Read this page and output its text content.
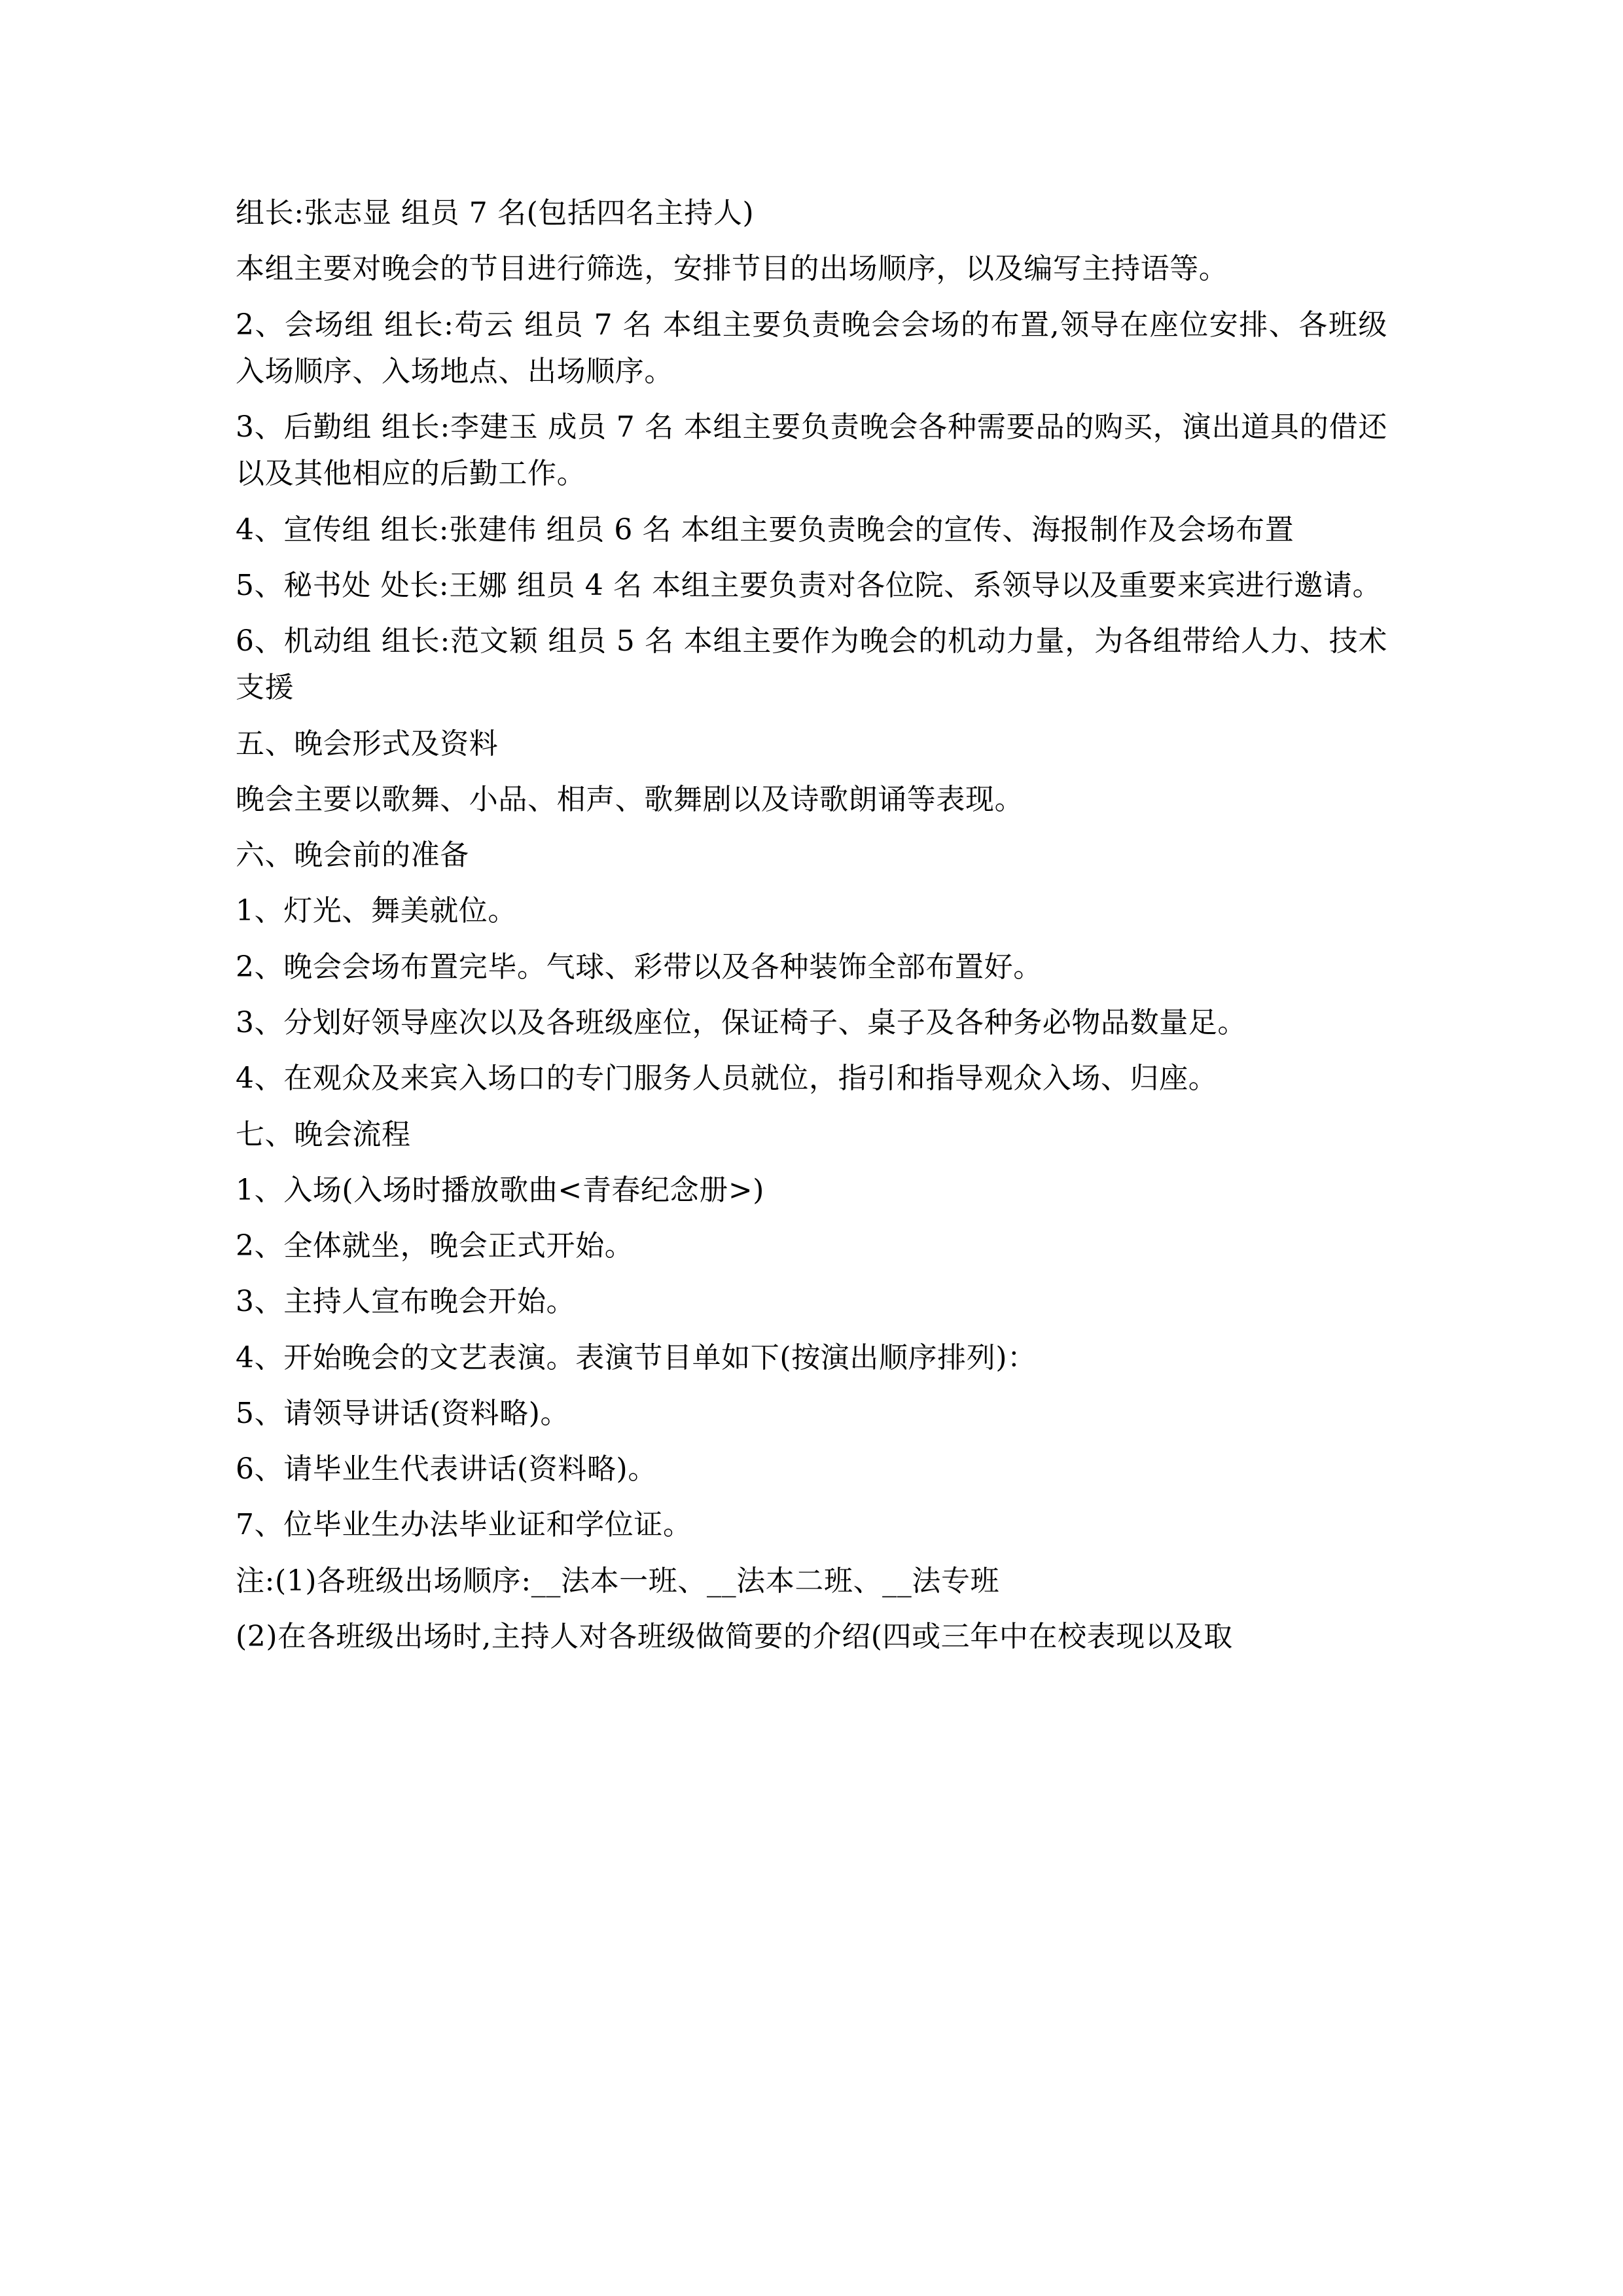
组长:张志显 组员 7 名(包括四名主持人)

本组主要对晚会的节目进行筛选，安排节目的出场顺序，以及编写主持语等。

2、会场组 组长:苟云 组员 7 名 本组主要负责晚会会场的布置,领导在座位安排、各班级入场顺序、入场地点、出场顺序。

3、后勤组 组长:李建玉 成员 7 名 本组主要负责晚会各种需要品的购买，演出道具的借还以及其他相应的后勤工作。

4、宣传组 组长:张建伟 组员 6 名 本组主要负责晚会的宣传、海报制作及会场布置

5、秘书处 处长:王娜 组员 4 名 本组主要负责对各位院、系领导以及重要来宾进行邀请。

6、机动组 组长:范文颖 组员 5 名 本组主要作为晚会的机动力量，为各组带给人力、技术支援

五、晚会形式及资料

晚会主要以歌舞、小品、相声、歌舞剧以及诗歌朗诵等表现。

六、晚会前的准备

1、灯光、舞美就位。

2、晚会会场布置完毕。气球、彩带以及各种装饰全部布置好。

3、分划好领导座次以及各班级座位，保证椅子、桌子及各种务必物品数量足。

4、在观众及来宾入场口的专门服务人员就位，指引和指导观众入场、归座。

七、晚会流程

1、入场(入场时播放歌曲<青春纪念册>)

2、全体就坐，晚会正式开始。

3、主持人宣布晚会开始。

4、开始晚会的文艺表演。表演节目单如下(按演出顺序排列)：

5、请领导讲话(资料略)。

6、请毕业生代表讲话(资料略)。

7、位毕业生办法毕业证和学位证。

注:(1)各班级出场顺序:__法本一班、__法本二班、__法专班

(2)在各班级出场时,主持人对各班级做简要的介绍(四或三年中在校表现以及取
